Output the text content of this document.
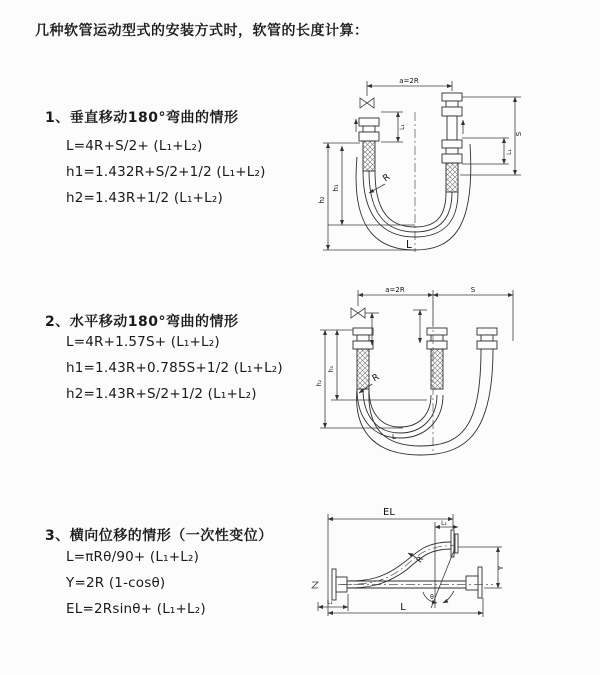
几种软管运动型式的安装方式时，软管的长度计算：
1、垂直移动180°弯曲的情形
L=4R+S/2+ (L₁+L₂)
h1=1.432R+S/2+1/2 (L₁+L₂)
h2=1.43R+1/2 (L₁+L₂)
a=2R
h₂
h₁
L₁
S
L₁
R
L
2、水平移动180°弯曲的情形
L=4R+1.57S+ (L₁+L₂)
h1=1.43R+0.785S+1/2 (L₁+L₂)
h2=1.43R+S/2+1/2 (L₁+L₂)
a=2R	S
h₂
h₁
R
L
3、横向位移的情形（一次性变位）
L=πRθ/90+ (L₁+L₂)
Y=2R (1-cosθ)
EL=2Rsinθ+ (L₁+L₂)
EL
L₁
Y
θ
R
L₁	L
